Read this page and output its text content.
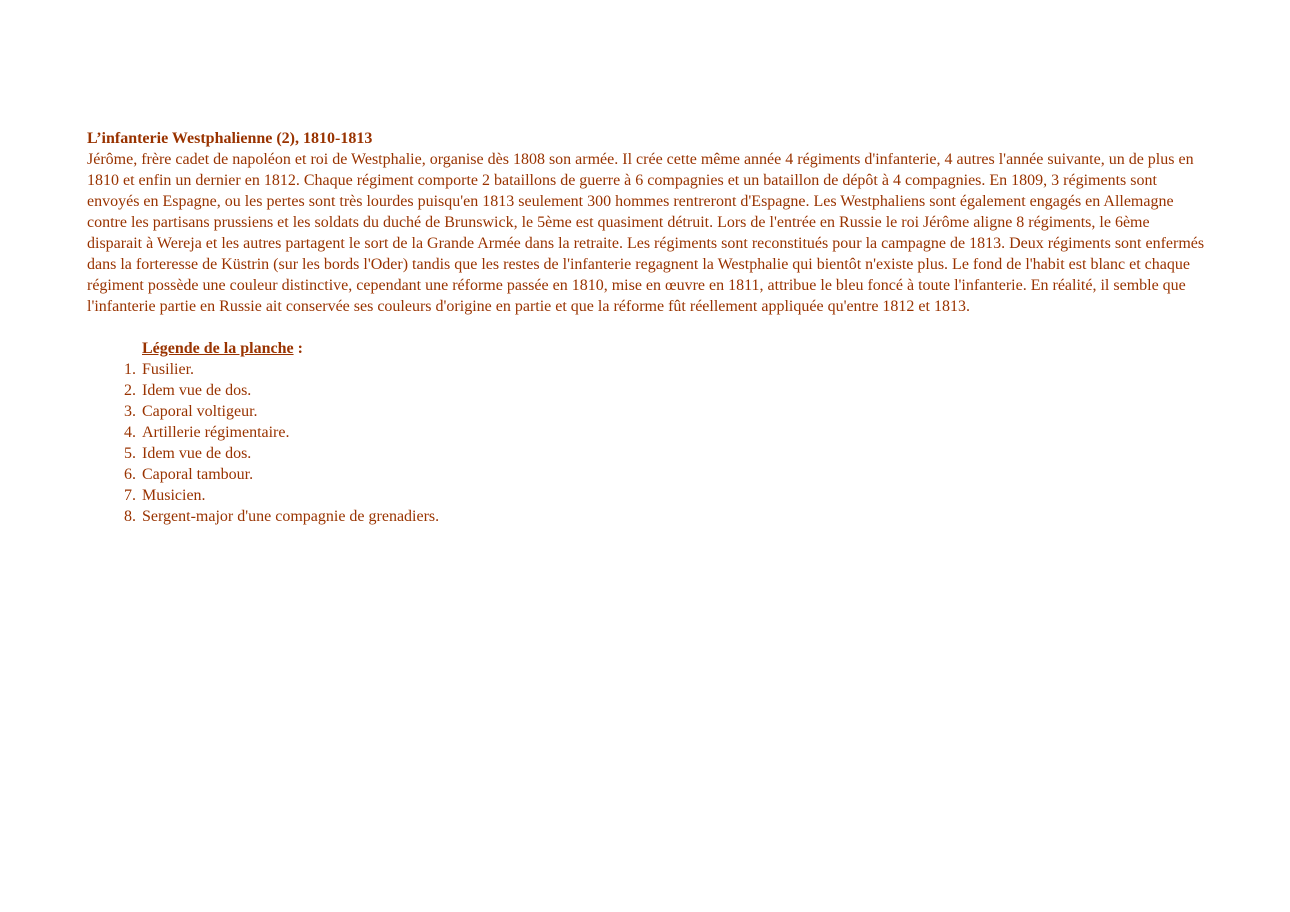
L’infanterie Westphalienne (2), 1810-1813

Jérôme, frère cadet de napoléon et roi de Westphalie, organise dès 1808 son armée. Il crée cette même année 4 régiments d'infanterie, 4 autres l'année suivante, un de plus en 1810 et enfin un dernier en 1812. Chaque régiment comporte 2 bataillons de guerre à 6 compagnies et un bataillon de dépôt à 4 compagnies. En 1809, 3 régiments sont envoyés en Espagne, ou les pertes sont très lourdes puisqu'en 1813 seulement 300 hommes rentreront d'Espagne. Les Westphaliens sont également engagés en Allemagne contre les partisans prussiens et les soldats du duché de Brunswick, le 5ème est quasiment détruit. Lors de l'entrée en Russie le roi Jérôme aligne 8 régiments, le 6ème disparait à Wereja et les autres partagent le sort de la Grande Armée dans la retraite. Les régiments sont reconstitués pour la campagne de 1813. Deux régiments sont enfermés dans la forteresse de Küstrin (sur les bords l'Oder) tandis que les restes de l'infanterie regagnent la Westphalie qui bientôt n'existe plus. Le fond de l'habit est blanc et chaque régiment possède une couleur distinctive, cependant une réforme passée en 1810, mise en œuvre en 1811, attribue le bleu foncé à toute l'infanterie. En réalité, il semble que l'infanterie partie en Russie ait conservée ses couleurs d'origine en partie et que la réforme fût réellement appliquée qu'entre 1812 et 1813.

Légende de la planche :
1. Fusilier.
2. Idem vue de dos.
3. Caporal voltigeur.
4. Artillerie régimentaire.
5. Idem vue de dos.
6. Caporal tambour.
7. Musicien.
8. Sergent-major d'une compagnie de grenadiers.
